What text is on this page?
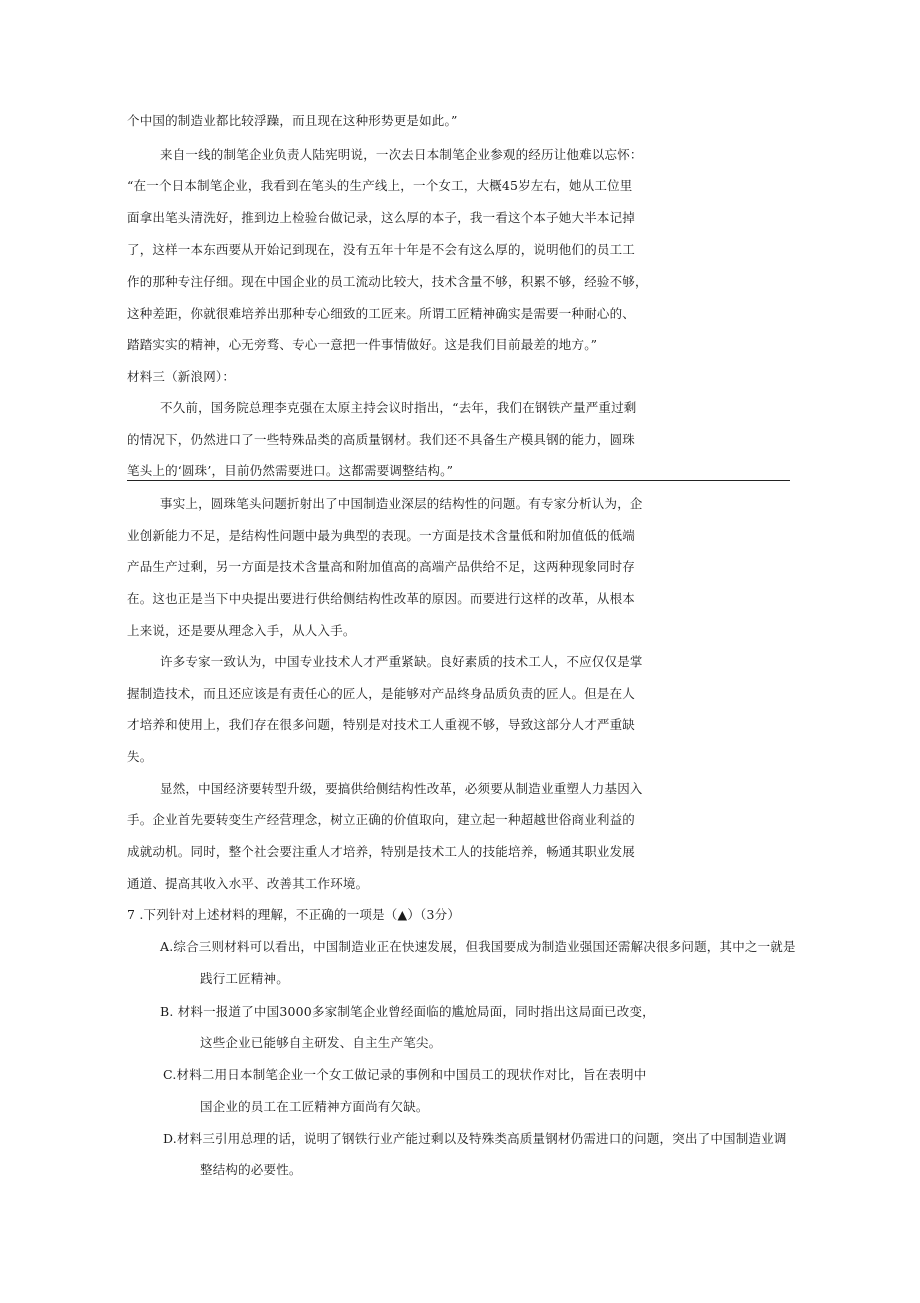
个中国的制造业都比较浮躁，而且现在这种形势更是如此。”
来自一线的制笔企业负责人陆宪明说，一次去日本制笔企业参观的经历让他难以忘怀：
“在一个日本制笔企业，我看到在笔头的生产线上，一个女工，大概45岁左右，她从工位里
面拿出笔头清洗好，推到边上检验台做记录，这么厚的本子，我一看这个本子她大半本记掉
了，这样一本东西要从开始记到现在，没有五年十年是不会有这么厚的，说明他们的员工工
作的那种专注仔细。现在中国企业的员工流动比较大，技术含量不够，积累不够，经验不够，
这种差距，你就很难培养出那种专心细致的工匠来。所谓工匠精神确实是需要一种耐心的、
踏踏实实的精神，心无旁骛、专心一意把一件事情做好。这是我们目前最差的地方。”
材料三（新浪网）：
不久前，国务院总理李克强在太原主持会议时指出，“去年，我们在钢铁产量严重过剩
的情况下，仍然进口了一些特殊品类的高质量钢材。我们还不具备生产模具钢的能力，圆珠
笔头上的‘圆珠’，目前仍然需要进口。这都需要调整结构。”
事实上，圆珠笔头问题折射出了中国制造业深层的结构性的问题。有专家分析认为，企
业创新能力不足，是结构性问题中最为典型的表现。一方面是技术含量低和附加值低的低端
产品生产过剩，另一方面是技术含量高和附加值高的高端产品供给不足，这两种现象同时存
在。这也正是当下中央提出要进行供给侧结构性改革的原因。而要进行这样的改革，从根本
上来说，还是要从理念入手，从人入手。
许多专家一致认为，中国专业技术人才严重紧缺。良好素质的技术工人，不应仅仅是掌
握制造技术，而且还应该是有责任心的匠人，是能够对产品终身品质负责的匠人。但是在人
才培养和使用上，我们存在很多问题，特别是对技术工人重视不够，导致这部分人才严重缺
失。
显然，中国经济要转型升级，要搞供给侧结构性改革，必须要从制造业重塑人力基因入
手。企业首先要转变生产经营理念，树立正确的价值取向，建立起一种超越世俗商业利益的
成就动机。同时，整个社会要注重人才培养，特别是技术工人的技能培养，畅通其职业发展
通道、提高其收入水平、改善其工作环境。
7 .下列针对上述材料的理解，不正确的一项是（▲）（3分）
A.综合三则材料可以看出，中国制造业正在快速发展，但我国要成为制造业强国还需解决很多问题，其中之一就是
践行工匠精神。
B. 材料一报道了中国3000多家制笔企业曾经面临的尴尬局面，同时指出这局面已改变，
这些企业已能够自主研发、自主生产笔尖。
C.材料二用日本制笔企业一个女工做记录的事例和中国员工的现状作对比，旨在表明中
国企业的员工在工匠精神方面尚有欠缺。
D.材料三引用总理的话，说明了钢铁行业产能过剩以及特殊类高质量钢材仍需进口的问题，突出了中国制造业调
整结构的必要性。
